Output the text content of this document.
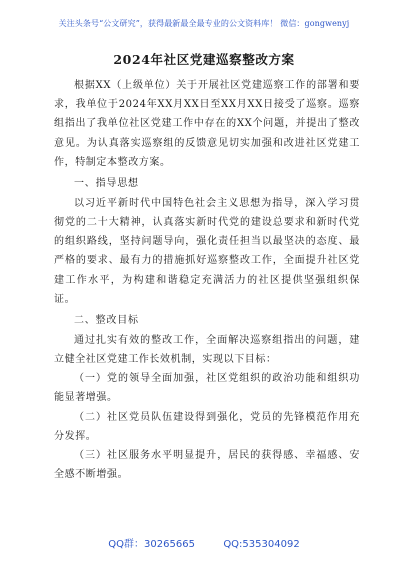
关注头条号“公文研究”，获得最新最全最专业的公文资料库！ 微信：gongwenyj
2024年社区党建巡察整改方案

根据XX（上级单位）关于开展社区党建巡察工作的部署和要求，我单位于2024年XX月XX日至XX月XX日接受了巡察。巡察组指出了我单位社区党建工作中存在的XX个问题，并提出了整改意见。为认真落实巡察组的反馈意见切实加强和改进社区党建工作，特制定本整改方案。

一、指导思想

以习近平新时代中国特色社会主义思想为指导，深入学习贯彻党的二十大精神，认真落实新时代党的建设总要求和新时代党的组织路线，坚持问题导向，强化责任担当以最坚决的态度、最严格的要求、最有力的措施抓好巡察整改工作，全面提升社区党建工作水平，为构建和谐稳定充满活力的社区提供坚强组织保证。

二、整改目标

通过扎实有效的整改工作，全面解决巡察组指出的问题，建立健全社区党建工作长效机制，实现以下目标：

（一）党的领导全面加强，社区党组织的政治功能和组织功能显著增强。

（二）社区党员队伍建设得到强化，党员的先锋模范作用充分发挥。

（三）社区服务水平明显提升，居民的获得感、幸福感、安全感不断增强。

QQ群：30265665	QQ:535304092
